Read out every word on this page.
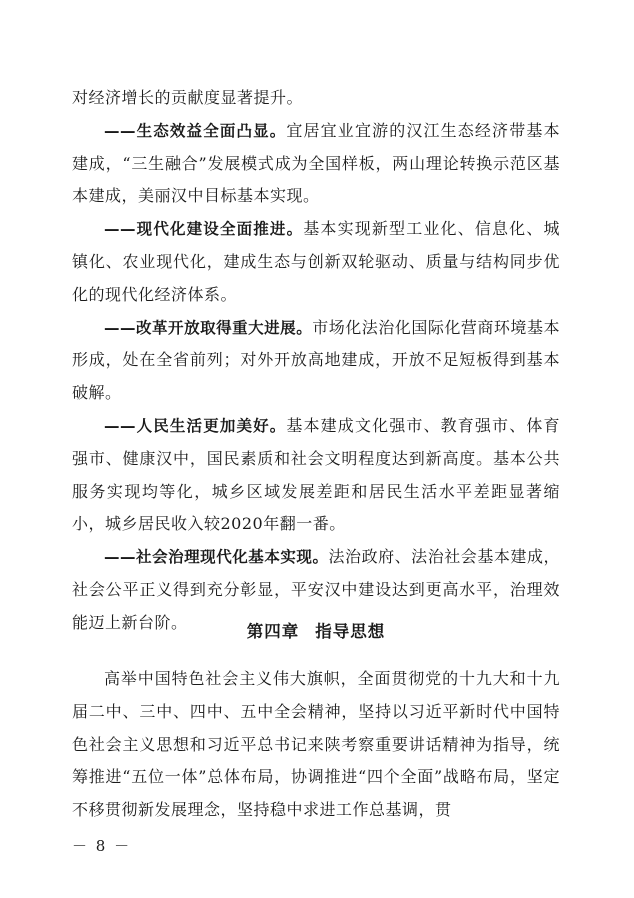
对经济增长的贡献度显著提升。

——生态效益全面凸显。宜居宜业宜游的汉江生态经济带基本建成，“三生融合”发展模式成为全国样板，两山理论转换示范区基本建成，美丽汉中目标基本实现。

——现代化建设全面推进。基本实现新型工业化、信息化、城镇化、农业现代化，建成生态与创新双轮驱动、质量与结构同步优化的现代化经济体系。

——改革开放取得重大进展。市场化法治化国际化营商环境基本形成，处在全省前列；对外开放高地建成，开放不足短板得到基本破解。

——人民生活更加美好。基本建成文化强市、教育强市、体育强市、健康汉中，国民素质和社会文明程度达到新高度。基本公共服务实现均等化，城乡区域发展差距和居民生活水平差距显著缩小，城乡居民收入较2020年翻一番。

——社会治理现代化基本实现。法治政府、法治社会基本建成，社会公平正义得到充分彰显，平安汉中建设达到更高水平，治理效能迈上新台阶。	第四章 指导思想

高举中国特色社会主义伟大旗帜，全面贯彻党的十九大和十九届二中、三中、四中、五中全会精神，坚持以习近平新时代中国特色社会主义思想和习近平总书记来陕考察重要讲话精神为指导，统筹推进“五位一体”总体布局，协调推进“四个全面”战略布局，坚定不移贯彻新发展理念，坚持稳中求进工作总基调，贯

－ 8 －
